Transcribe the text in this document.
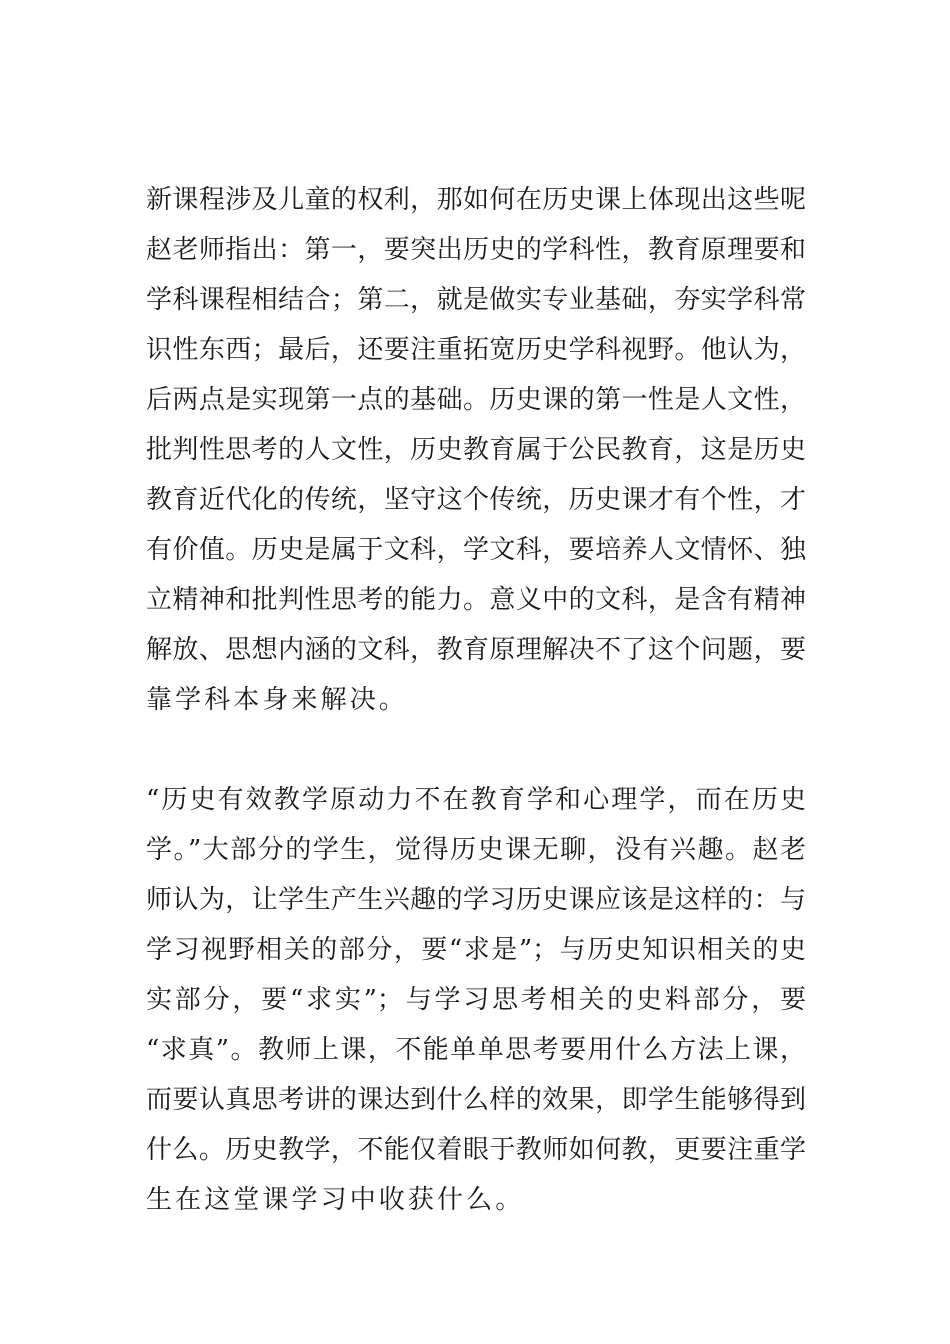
新课程涉及儿童的权利，那如何在历史课上体现出这些呢
赵老师指出：第一，要突出历史的学科性，教育原理要和
学科课程相结合；第二，就是做实专业基础，夯实学科常
识性东西；最后，还要注重拓宽历史学科视野。他认为，
后两点是实现第一点的基础。历史课的第一性是人文性，
批判性思考的人文性，历史教育属于公民教育，这是历史
教育近代化的传统，坚守这个传统，历史课才有个性，才
有价值。历史是属于文科，学文科，要培养人文情怀、独
立精神和批判性思考的能力。意义中的文科，是含有精神
解放、思想内涵的文科，教育原理解决不了这个问题，要
靠学科本身来解决。
“历史有效教学原动力不在教育学和心理学，而在历史
学。”大部分的学生，觉得历史课无聊，没有兴趣。赵老
师认为，让学生产生兴趣的学习历史课应该是这样的：与
学习视野相关的部分，要“求是”；与历史知识相关的史
实部分，要“求实”；与学习思考相关的史料部分，要
“求真”。教师上课，不能单单思考要用什么方法上课，
而要认真思考讲的课达到什么样的效果，即学生能够得到
什么。历史教学，不能仅着眼于教师如何教，更要注重学
生在这堂课学习中收获什么。
